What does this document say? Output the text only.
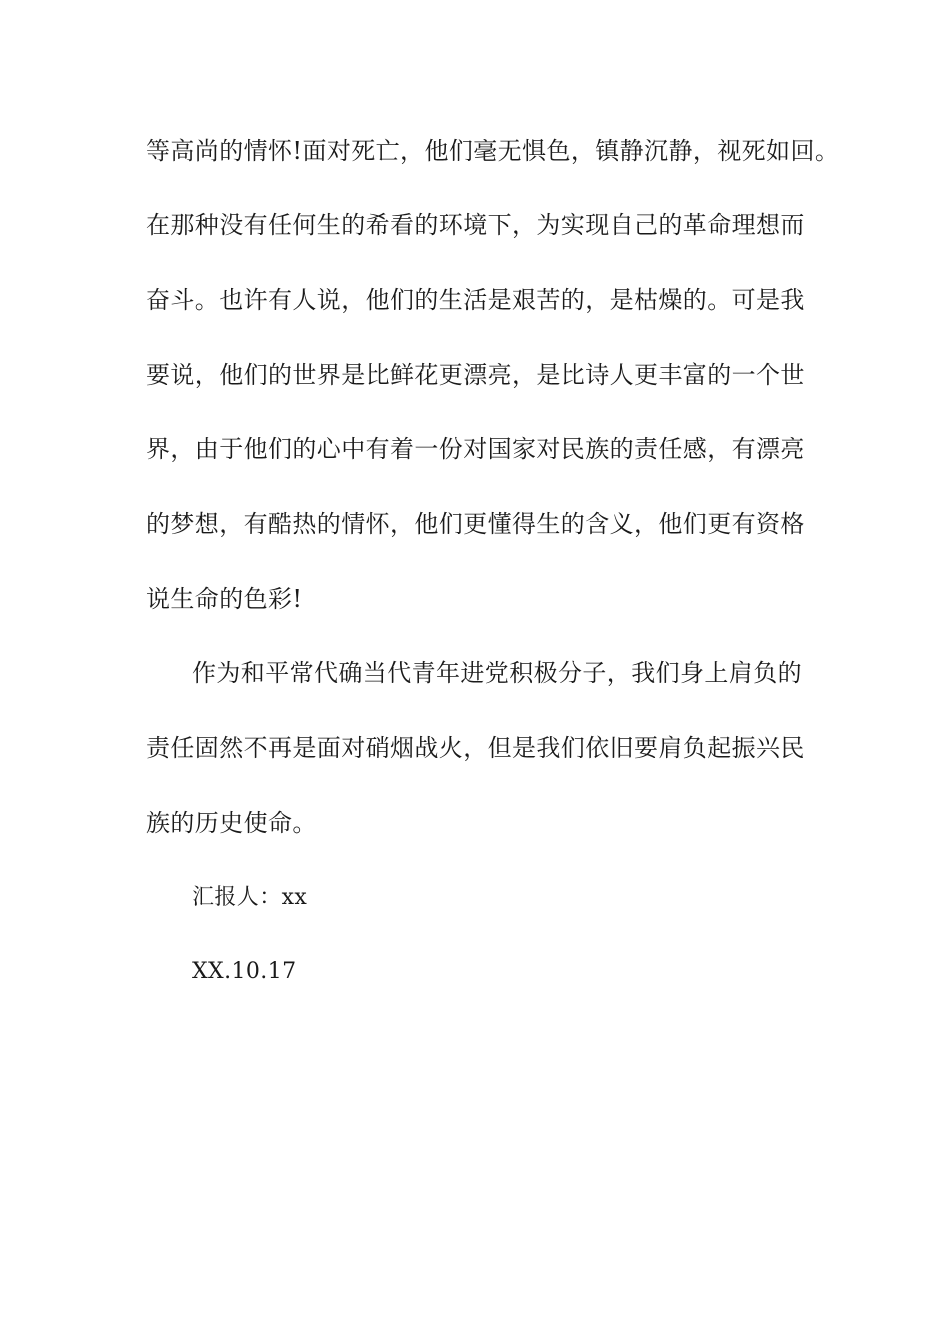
等高尚的情怀!面对死亡，他们毫无惧色，镇静沉静，视死如回。
在那种没有任何生的希看的环境下，为实现自己的革命理想而
奋斗。也许有人说，他们的生活是艰苦的，是枯燥的。可是我
要说，他们的世界是比鲜花更漂亮，是比诗人更丰富的一个世
界，由于他们的心中有着一份对国家对民族的责任感，有漂亮
的梦想，有酷热的情怀，他们更懂得生的含义，他们更有资格
说生命的色彩!
作为和平常代确当代青年进党积极分子，我们身上肩负的
责任固然不再是面对硝烟战火，但是我们依旧要肩负起振兴民
族的历史使命。
汇报人：xx
XX.10.17
